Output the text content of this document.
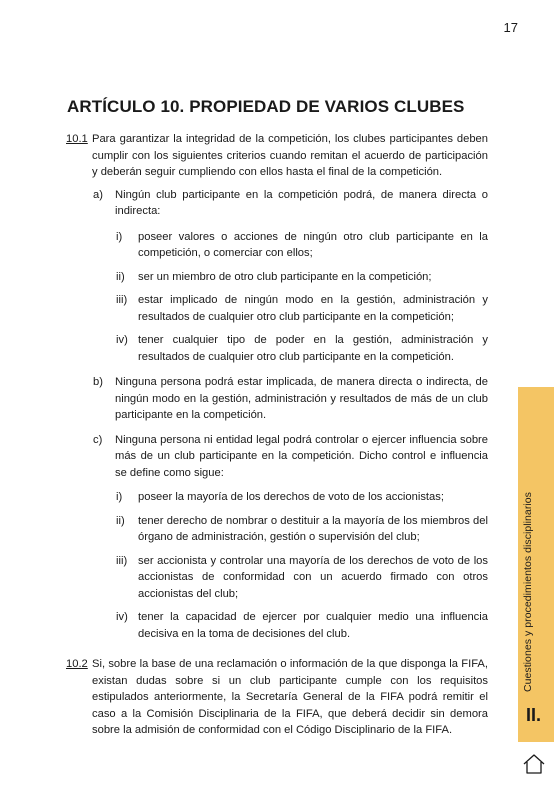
17
ARTÍCULO 10. PROPIEDAD DE VARIOS CLUBES
10.1 Para garantizar la integridad de la competición, los clubes participantes deben cumplir con los siguientes criterios cuando remitan el acuerdo de participación y deberán seguir cumpliendo con ellos hasta el final de la competición.
a) Ningún club participante en la competición podrá, de manera directa o indirecta:
i) poseer valores o acciones de ningún otro club participante en la competición, o comerciar con ellos;
ii) ser un miembro de otro club participante en la competición;
iii) estar implicado de ningún modo en la gestión, administración y resultados de cualquier otro club participante en la competición;
iv) tener cualquier tipo de poder en la gestión, administración y resultados de cualquier otro club participante en la competición.
b) Ninguna persona podrá estar implicada, de manera directa o indirecta, de ningún modo en la gestión, administración y resultados de más de un club participante en la competición.
c) Ninguna persona ni entidad legal podrá controlar o ejercer influencia sobre más de un club participante en la competición. Dicho control e influencia se define como sigue:
i) poseer la mayoría de los derechos de voto de los accionistas;
ii) tener derecho de nombrar o destituir a la mayoría de los miembros del órgano de administración, gestión o supervisión del club;
iii) ser accionista y controlar una mayoría de los derechos de voto de los accionistas de conformidad con un acuerdo firmado con otros accionistas del club;
iv) tener la capacidad de ejercer por cualquier medio una influencia decisiva en la toma de decisiones del club.
10.2 Si, sobre la base de una reclamación o información de la que disponga la FIFA, existan dudas sobre si un club participante cumple con los requisitos estipulados anteriormente, la Secretaría General de la FIFA podrá remitir el caso a la Comisión Disciplinaria de la FIFA, que deberá decidir sin demora sobre la admisión de conformidad con el Código Disciplinario de la FIFA.
Cuestiones y procedimientos disciplinarios
II.
